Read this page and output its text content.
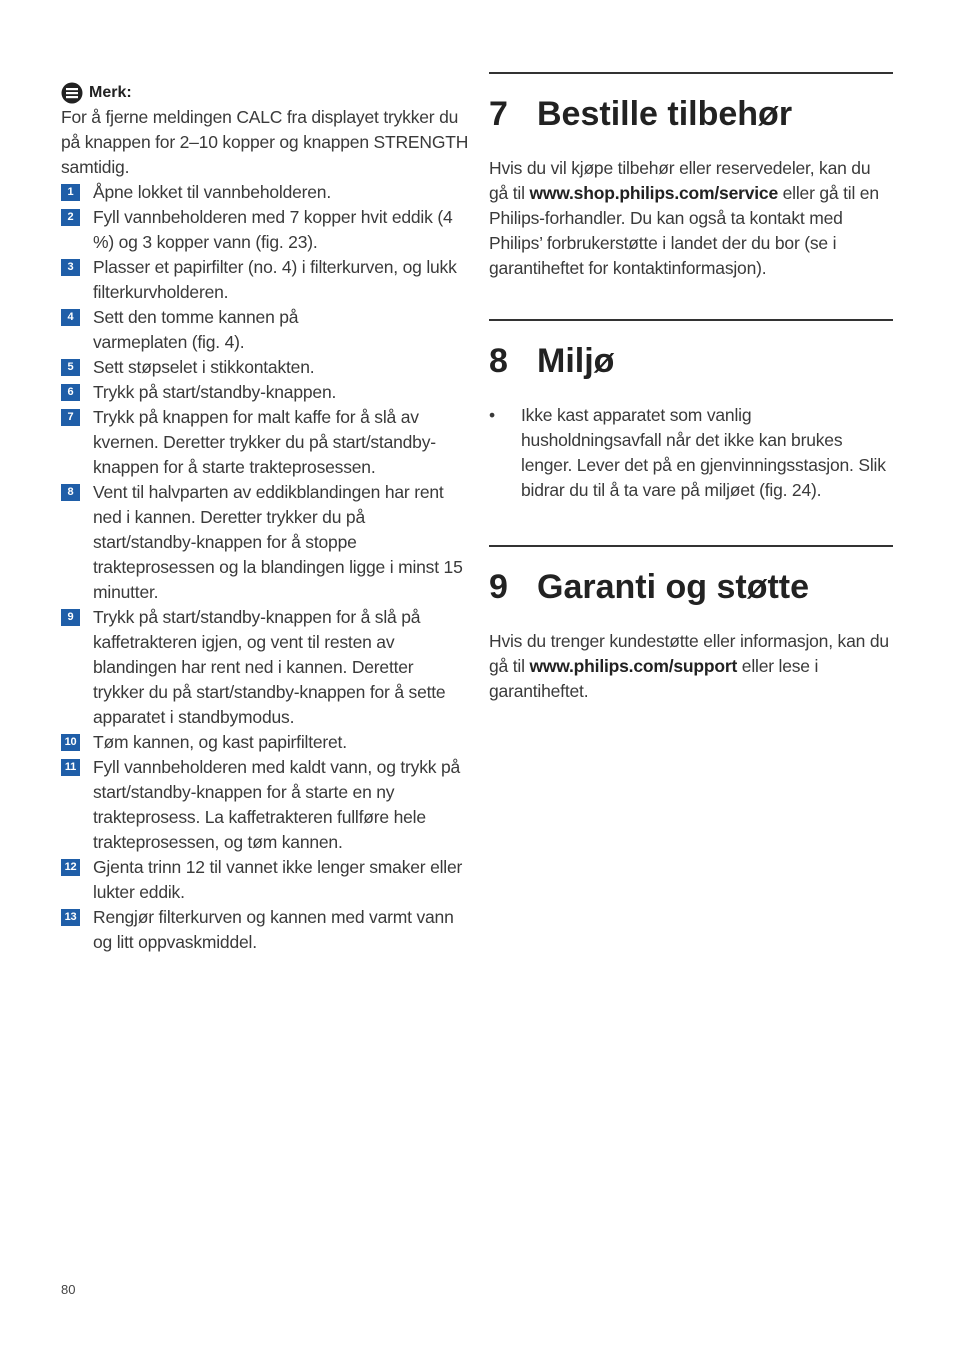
Merk:
For å fjerne meldingen CALC fra displayet trykker du på knappen for 2–10 kopper og knappen STRENGTH samtidig.
1	Åpne lokket til vannbeholderen.
2	Fyll vannbeholderen med 7 kopper hvit eddik (4 %) og 3 kopper vann (fig. 23).
3	Plasser et papirfilter (no. 4) i filterkurven, og lukk filterkurvholderen.
4	Sett den tomme kannen på varmeplaten (fig. 4).
5	Sett støpselet i stikkontakten.
6	Trykk på start/standby-knappen.
7	Trykk på knappen for malt kaffe for å slå av kvernen. Deretter trykker du på start/standby-knappen for å starte trakteprosessen.
8	Vent til halvparten av eddikblandingen har rent ned i kannen. Deretter trykker du på start/standby-knappen for å stoppe trakteprosessen og la blandingen ligge i minst 15 minutter.
9	Trykk på start/standby-knappen for å slå på kaffetrakteren igjen, og vent til resten av blandingen har rent ned i kannen. Deretter trykker du på start/standby-knappen for å sette apparatet i standbymodus.
10 Tøm kannen, og kast papirfilteret.
11 Fyll vannbeholderen med kaldt vann, og trykk på start/standby-knappen for å starte en ny trakteprosess. La kaffetrakteren fullføre hele trakteprosessen, og tøm kannen.
12 Gjenta trinn 12 til vannet ikke lenger smaker eller lukter eddik.
13 Rengjør filterkurven og kannen med varmt vann og litt oppvaskmiddel.
7 Bestille tilbehør

Hvis du vil kjøpe tilbehør eller reservedeler, kan du gå til www.shop.philips.com/service eller gå til en Philips-forhandler. Du kan også ta kontakt med Philips’ forbrukerstøtte i landet der du bor (se i garantiheftet for kontaktinformasjon).

8 Miljø
• Ikke kast apparatet som vanlig husholdningsavfall når det ikke kan brukes lenger. Lever det på en gjenvinningsstasjon. Slik bidrar du til å ta vare på miljøet (fig. 24).
9 Garanti og støtte

Hvis du trenger kundestøtte eller informasjon, kan du gå til www.philips.com/support eller lese i garantiheftet.

80
